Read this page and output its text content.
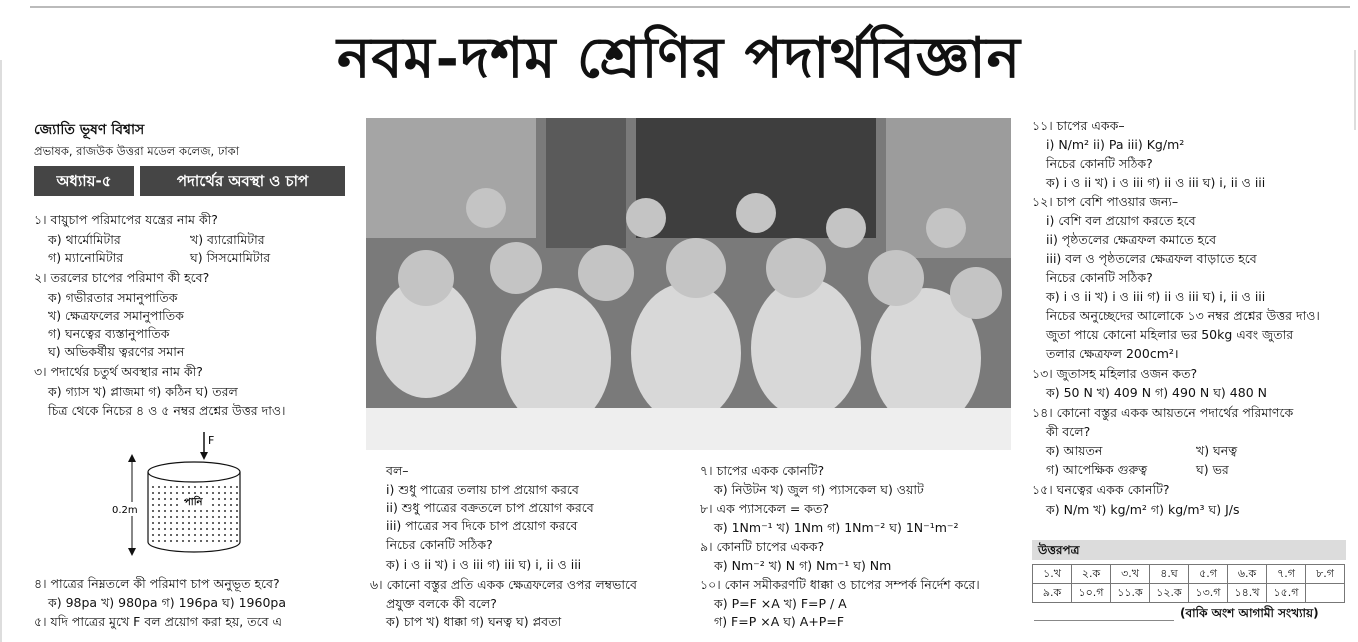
নবম-দশম শ্রেণির পদার্থবিজ্ঞান
জ্যোতি ভূষণ বিশ্বাস
প্রভাষক, রাজউক উত্তরা মডেল কলেজ, ঢাকা
অধ্যায়-৫	পদার্থের অবস্থা ও চাপ
১। বায়ুচাপ পরিমাপের যন্ত্রের নাম কী?
ক) থার্মোমিটার	খ) ব্যারোমিটার
গ) ম্যানোমিটার	ঘ) সিসমোমিটার
২। তরলের চাপের পরিমাণ কী হবে?
ক) গভীরতার সমানুপাতিক
খ) ক্ষেত্রফলের সমানুপাতিক
গ) ঘনত্বের ব্যস্তানুপাতিক
ঘ) অভিকর্ষীয় ত্বরণের সমান
৩। পদার্থের চতুর্থ অবস্থার নাম কী?
ক) গ্যাস খ) প্লাজমা গ) কঠিন ঘ) তরল
চিত্র থেকে নিচের ৪ ও ৫ নম্বর প্রশ্নের উত্তর দাও।
F
পানি
0.2m
৪। পাত্রের নিম্নতলে কী পরিমাণ চাপ অনুভূত হবে?
ক) 98pa খ) 980pa গ) 196pa ঘ) 1960pa
৫। যদি পাত্রের মুখে F বল প্রয়োগ করা হয়, তবে এ
বল–
i) শুধু পাত্রের তলায় চাপ প্রয়োগ করবে
ii) শুধু পাত্রের বক্রতলে চাপ প্রয়োগ করবে
iii) পাত্রের সব দিকে চাপ প্রয়োগ করবে
নিচের কোনটি সঠিক?
ক) i ও ii খ) i ও iii গ) iii ঘ) i, ii ও iii
৬। কোনো বস্তুর প্রতি একক ক্ষেত্রফলের ওপর লম্বভাবে
প্রযুক্ত বলকে কী বলে?
ক) চাপ খ) ধাক্কা গ) ঘনত্ব ঘ) প্লবতা
৭। চাপের একক কোনটি?
ক) নিউটন খ) জুল গ) প্যাসকেল ঘ) ওয়াট
৮। এক প্যাসকেল = কত?
ক) 1Nm⁻¹ খ) 1Nm গ) 1Nm⁻² ঘ) 1N⁻¹m⁻²
৯। কোনটি চাপের একক?
ক) Nm⁻² খ) N গ) Nm⁻¹ ঘ) Nm
১০। কোন সমীকরণটি ধাক্কা ও চাপের সম্পর্ক নির্দেশ করে।
ক) P=F ×A খ) F=P / A
গ) F=P ×A ঘ) A+P=F
১১। চাপের একক–
i) N/m² ii) Pa iii) Kg/m²
নিচের কোনটি সঠিক?
ক) i ও ii খ) i ও iii গ) ii ও iii ঘ) i, ii ও iii
১২। চাপ বেশি পাওয়ার জন্য–
i) বেশি বল প্রয়োগ করতে হবে
ii) পৃষ্ঠতলের ক্ষেত্রফল কমাতে হবে
iii) বল ও পৃষ্ঠতলের ক্ষেত্রফল বাড়াতে হবে
নিচের কোনটি সঠিক?
ক) i ও ii খ) i ও iii গ) ii ও iii ঘ) i, ii ও iii
নিচের অনুচ্ছেদের আলোকে ১৩ নম্বর প্রশ্নের উত্তর দাও।
জুতা পায়ে কোনো মহিলার ভর 50kg এবং জুতার
তলার ক্ষেত্রফল 200cm²।
১৩। জুতাসহ মহিলার ওজন কত?
ক) 50 N খ) 409 N গ) 490 N ঘ) 480 N
১৪। কোনো বস্তুর একক আয়তনে পদার্থের পরিমাণকে
কী বলে?
ক) আয়তন	খ) ঘনত্ব
গ) আপেক্ষিক গুরুত্ব	ঘ) ভর
১৫। ঘনত্বের একক কোনটি?
ক) N/m খ) kg/m² গ) kg/m³ ঘ) J/s
উত্তরপত্র
১.খ	২.ক	৩.খ	৪.ঘ	৫.গ	৬.ক	৭.গ	৮.গ
৯.ক	১০.গ	১১.ক	১২.ক	১৩.গ	১৪.খ	১৫.গ	
(বাকি অংশ আগামী সংখ্যায়)
